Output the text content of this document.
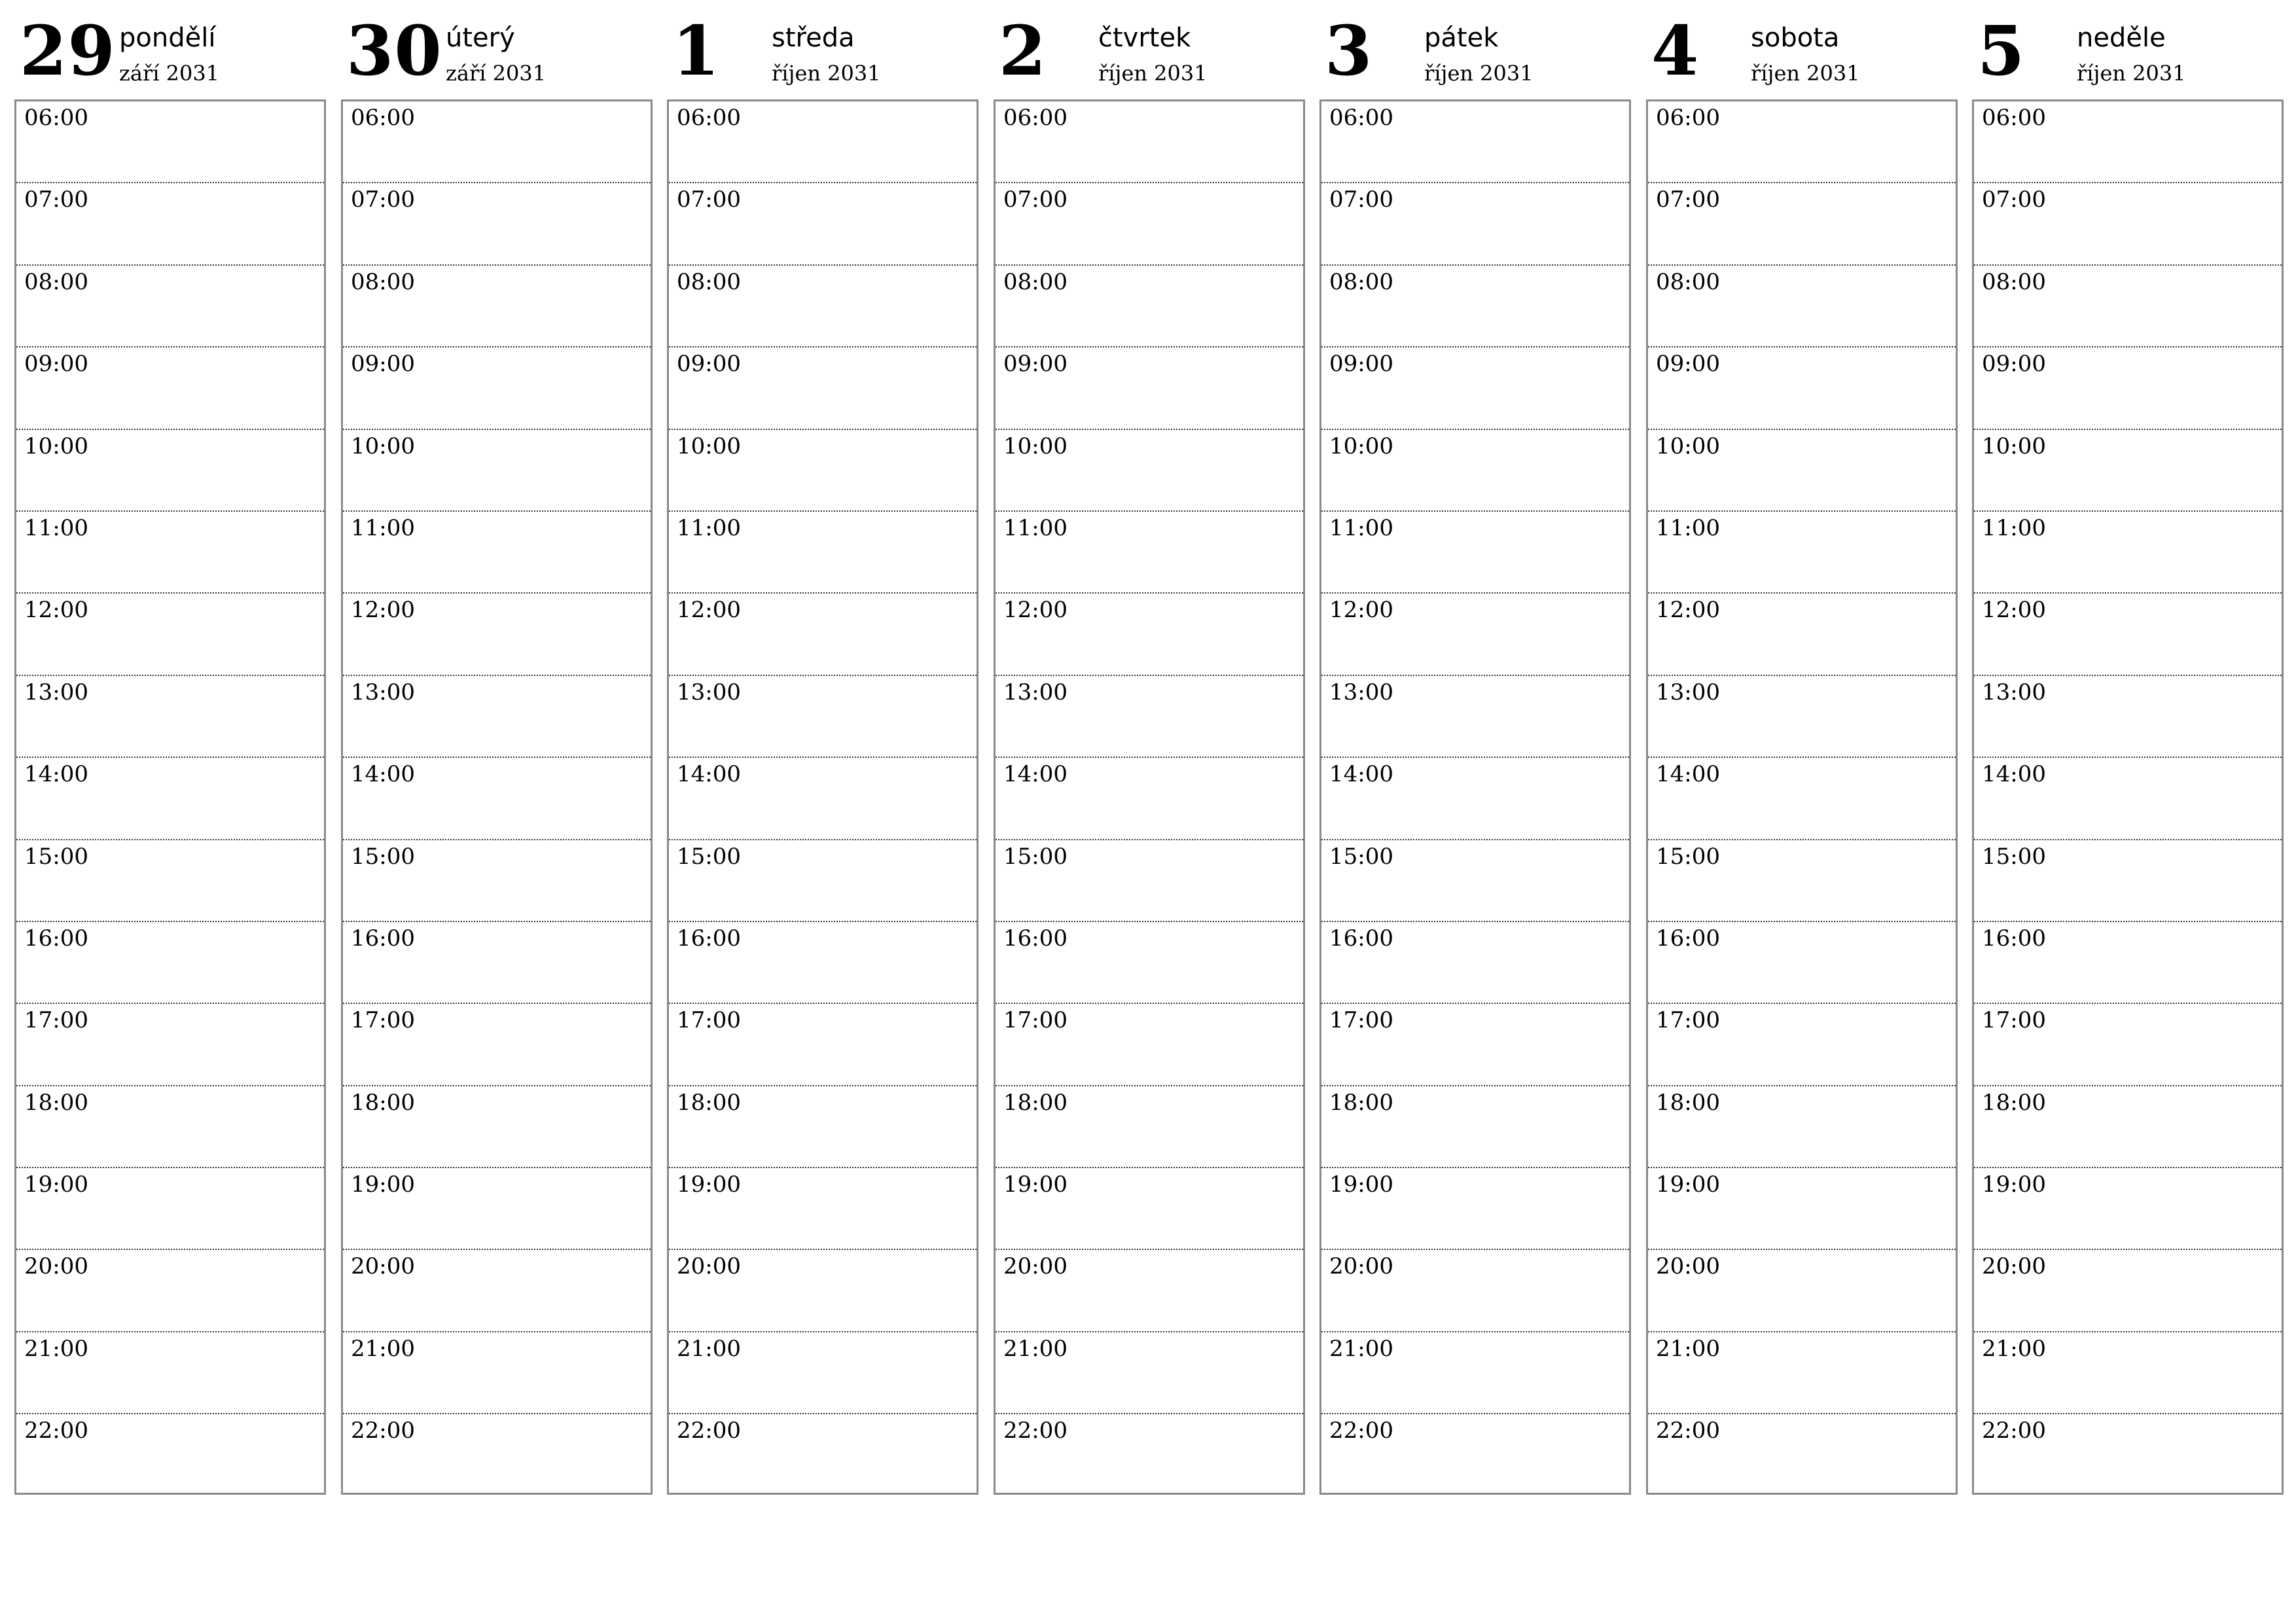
29 pondělí
září 2031
06:00
07:00
08:00
09:00
10:00
11:00
12:00
13:00
14:00
15:00
16:00
17:00
18:00
19:00
20:00
21:00
22:00
30 úterý
září 2031
06:00
07:00
08:00
09:00
10:00
11:00
12:00
13:00
14:00
15:00
16:00
17:00
18:00
19:00
20:00
21:00
22:00
1 středa
říjen 2031
06:00
07:00
08:00
09:00
10:00
11:00
12:00
13:00
14:00
15:00
16:00
17:00
18:00
19:00
20:00
21:00
22:00
2 čtvrtek
říjen 2031
06:00
07:00
08:00
09:00
10:00
11:00
12:00
13:00
14:00
15:00
16:00
17:00
18:00
19:00
20:00
21:00
22:00
3 pátek
říjen 2031
06:00
07:00
08:00
09:00
10:00
11:00
12:00
13:00
14:00
15:00
16:00
17:00
18:00
19:00
20:00
21:00
22:00
4 sobota
říjen 2031
06:00
07:00
08:00
09:00
10:00
11:00
12:00
13:00
14:00
15:00
16:00
17:00
18:00
19:00
20:00
21:00
22:00
5 neděle
říjen 2031
06:00
07:00
08:00
09:00
10:00
11:00
12:00
13:00
14:00
15:00
16:00
17:00
18:00
19:00
20:00
21:00
22:00
